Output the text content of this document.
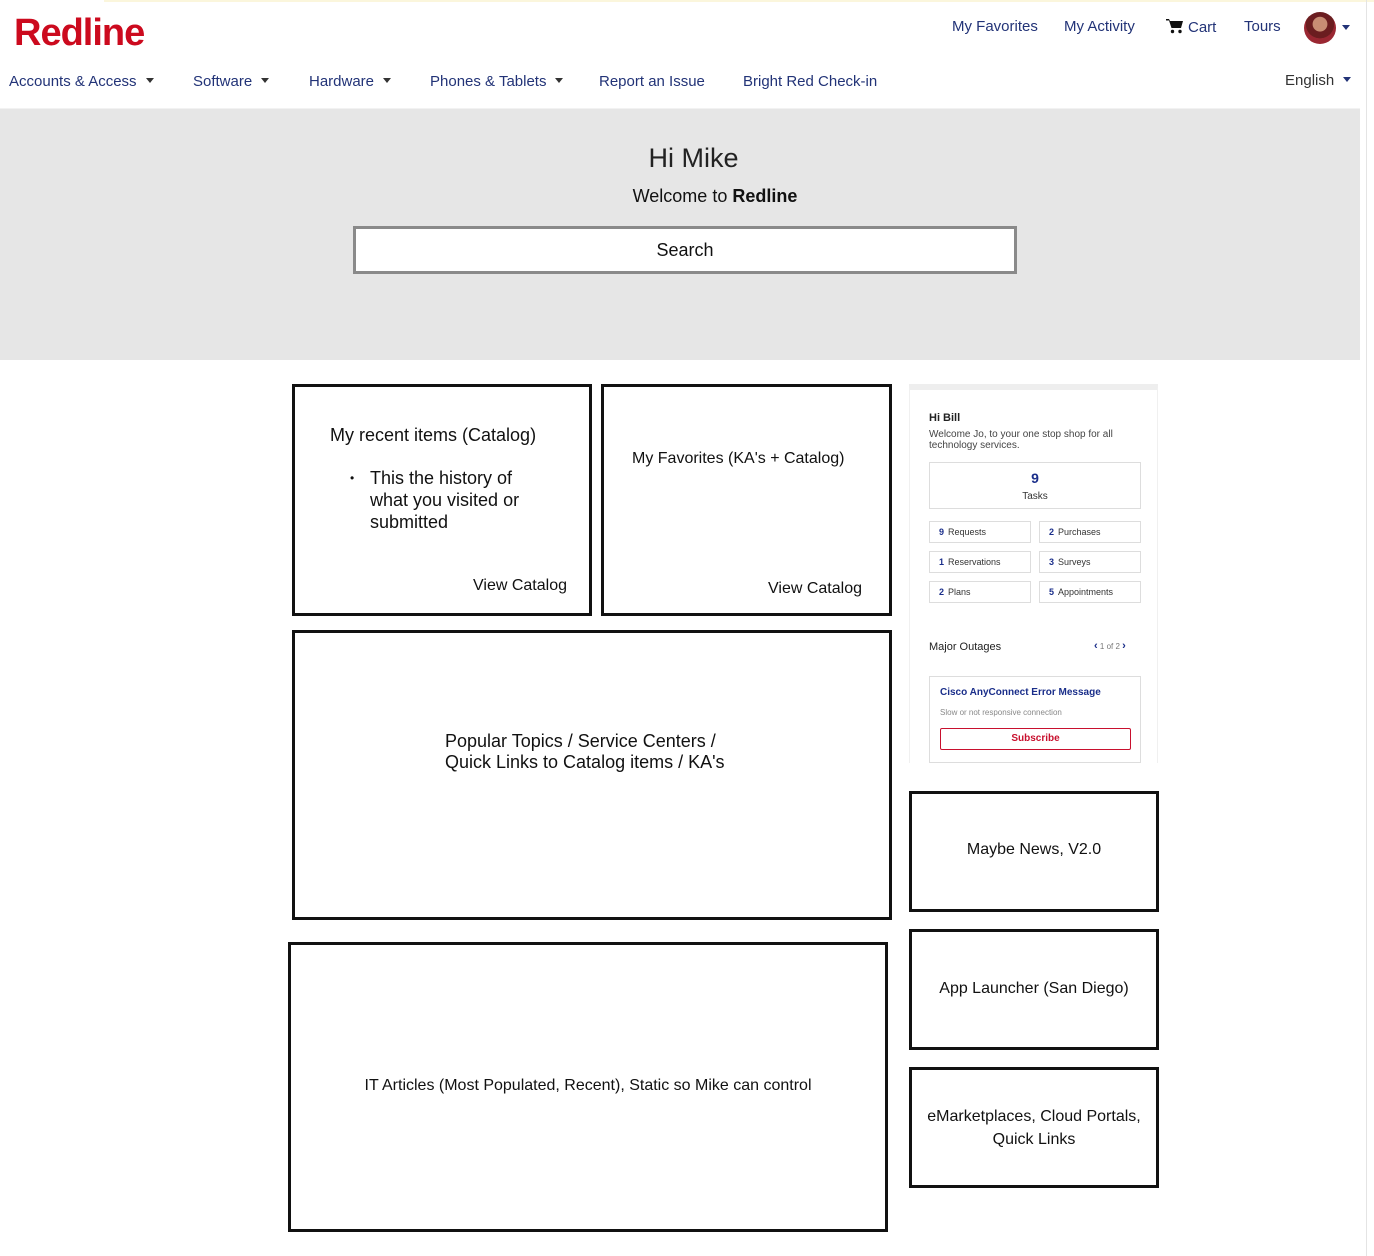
Redline	My Favorites My Activity	Cart Tours
Accounts & Access	Software	Hardware	Phones & Tablets	Report an Issue	Bright Red Check-in	English
Hi Mike
Welcome to Redline
Search
My recent items (Catalog)
• This the history of what you visited or submitted
View Catalog
My Favorites (KA's + Catalog)
View Catalog
Popular Topics / Service Centers /
Quick Links to Catalog items / KA's
IT Articles (Most Populated, Recent), Static so Mike can control
Hi Bill
Welcome Jo, to your one stop shop for all technology services.
9
Tasks
9 Requests	2 Purchases
1 Reservations	3 Surveys
2 Plans	5 Appointments
Major Outages	‹ 1 of 2 ›
Cisco AnyConnect Error Message
Slow or not responsive connection
Subscribe
Maybe News, V2.0
App Launcher (San Diego)
eMarketplaces, Cloud Portals,
Quick Links
